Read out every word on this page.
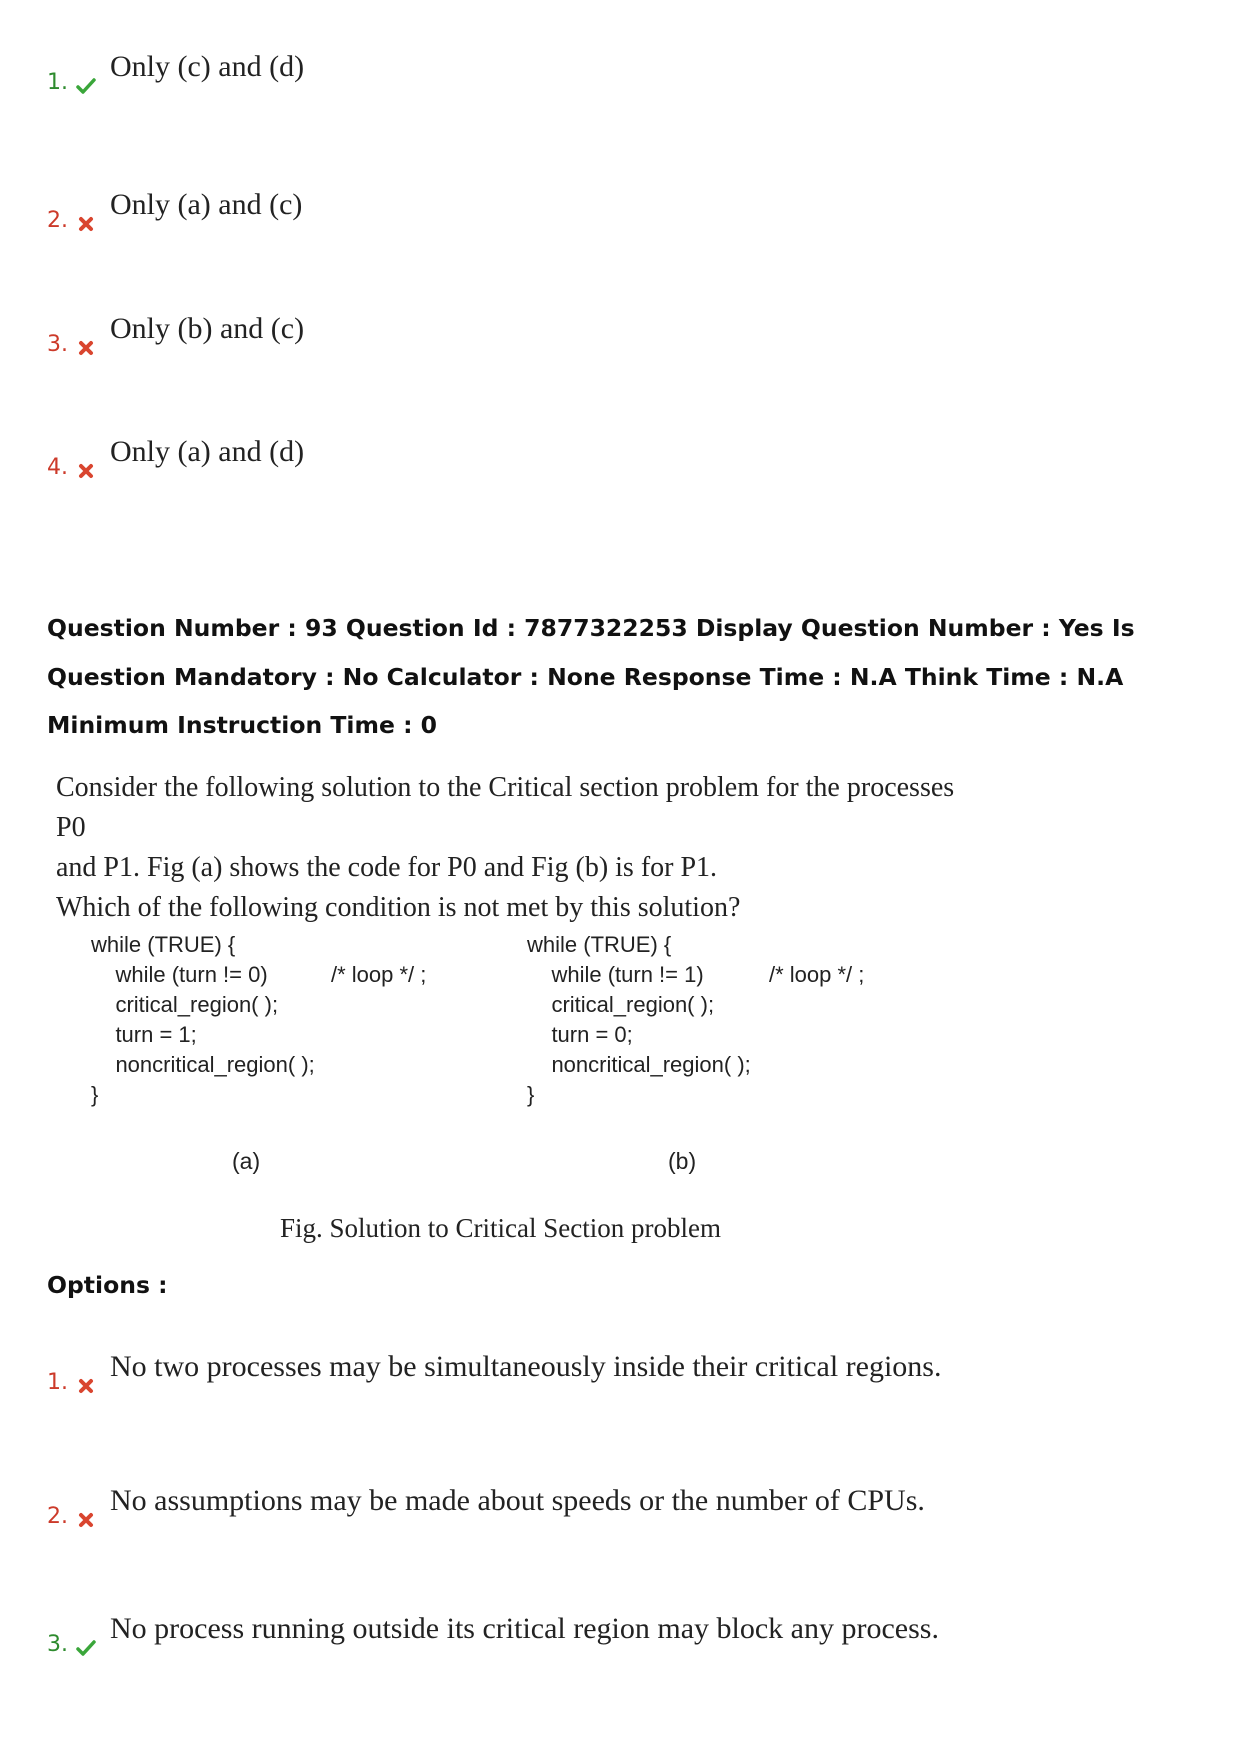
1. Only (c) and (d)
2. Only (a) and (c)
3. Only (b) and (c)
4. Only (a) and (d)
Question Number : 93 Question Id : 7877322253 Display Question Number : Yes Is Question Mandatory : No Calculator : None Response Time : N.A Think Time : N.A Minimum Instruction Time : 0
Consider the following solution to the Critical section problem for the processes P0
and P1. Fig (a) shows the code for P0 and Fig (b) is for P1.
Which of the following condition is not met by this solution?
while (TRUE) {
while (turn != 0)	/* loop */ ;
critical_region( );
turn = 1;
noncritical_region( );
}
(a)
while (TRUE) {
while (turn != 1)	/* loop */ ;
critical_region( );
turn = 0;
noncritical_region( );
}
(b)
Fig. Solution to Critical Section problem
Options :
1. No two processes may be simultaneously inside their critical regions.
2. No assumptions may be made about speeds or the number of CPUs.
3. No process running outside its critical region may block any process.
